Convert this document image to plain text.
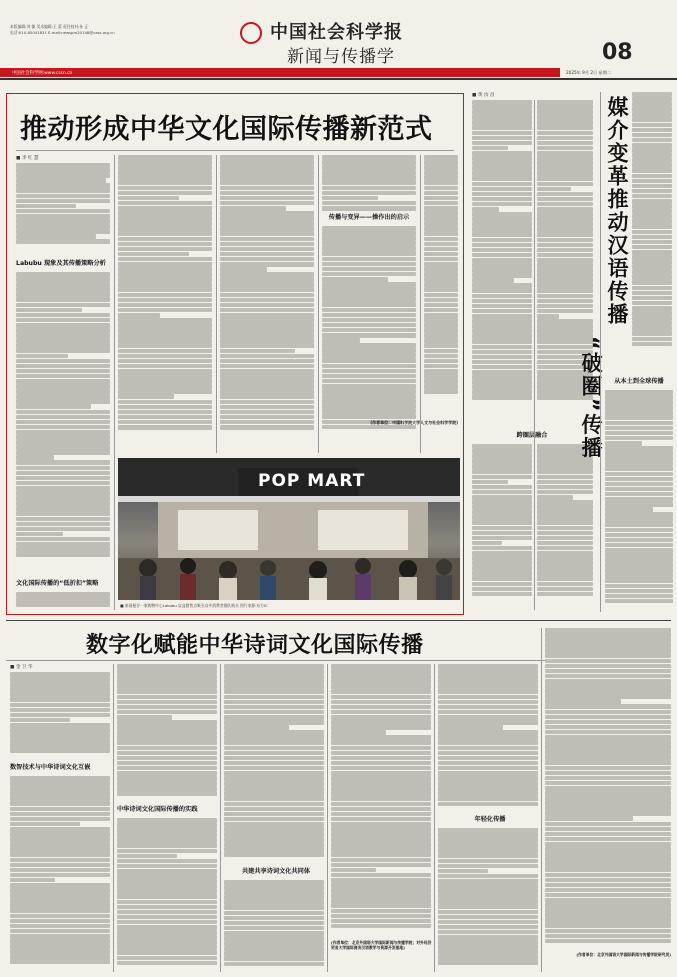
本版编辑:刘 婕 美术编辑:王 蒙 责任校对:孙 正
电话:010-85041831 E-mail:newspre20148@cass.org.cn	中国社会科学报
新闻与传播学	08
2025年 9月 2日 星期二
中国社会科学网:www.cssn.cn
推动形成中华文化国际传播新范式
■ 李 红 慧
Labubu 现象及其传播策略分析
文化国际传播的“低折扣”策略
传播与变异——操作出的启示
(作者单位：中国科学院大学人文与社会科学学院)
POP MART
■ 泰国曼谷一家购物中心Labubu 盲盒销售点吸引众多消费者排队购买 图片来源:东方IC
■ 黄 汝 昌
跨圈层融合
媒介变革推动汉语传播
“破圈”传播	从本土到全球传播
数字化赋能中华诗词文化国际传播
■ 金 卫 华
数智技术与中华诗词文化互嵌
中华诗词文化国际传播的实践
共建共享诗词文化共同体
(作者单位：北京外国语大学国际新闻与传播学院；对外经济贸易大学国际商务汉语教学与资源开发基地)
年轻化传播
(作者单位：北京外国语大学国际新闻与传播学院研究员)
